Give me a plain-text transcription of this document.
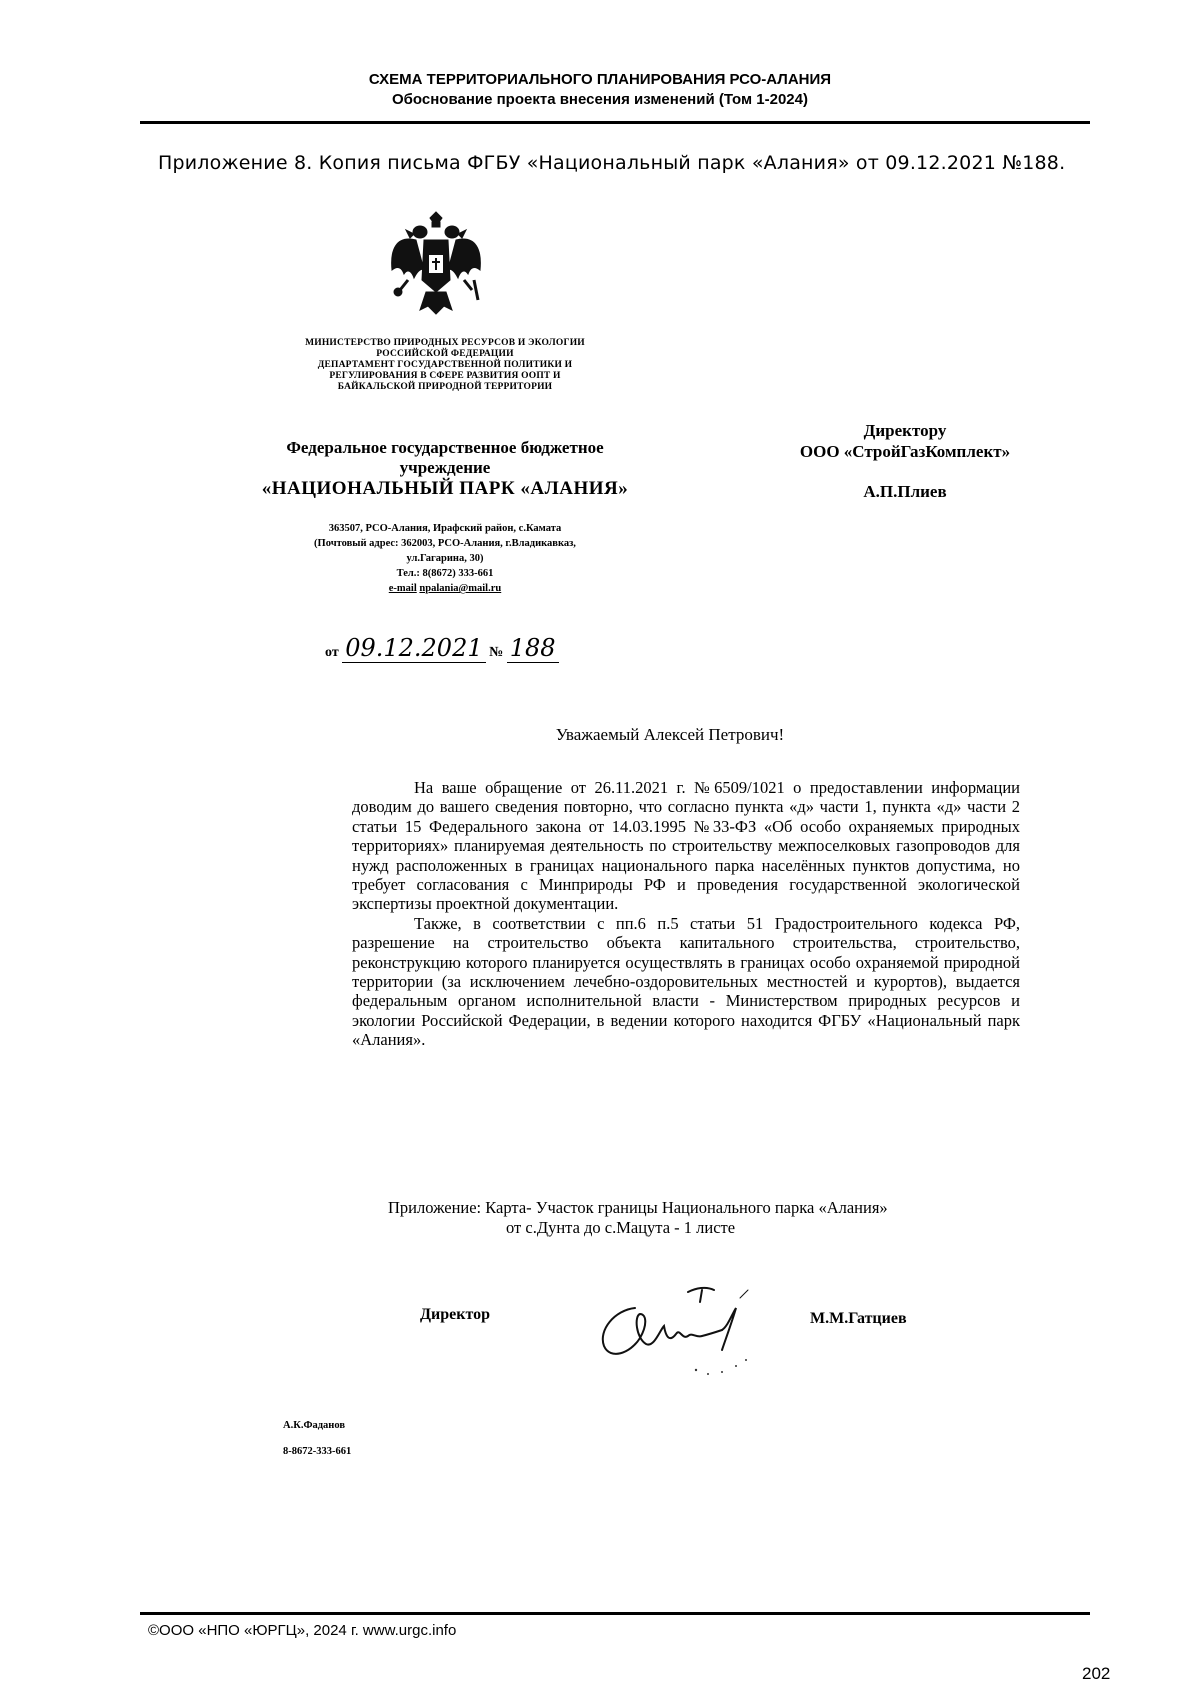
СХЕМА ТЕРРИТОРИАЛЬНОГО ПЛАНИРОВАНИЯ РСО-АЛАНИЯ
Обоснование проекта внесения изменений (Том 1-2024)
Приложение 8. Копия письма ФГБУ «Национальный парк «Алания» от 09.12.2021 №188.
МИНИСТЕРСТВО ПРИРОДНЫХ РЕСУРСОВ И ЭКОЛОГИИ
РОССИЙСКОЙ ФЕДЕРАЦИИ
ДЕПАРТАМЕНТ ГОСУДАРСТВЕННОЙ ПОЛИТИКИ И
РЕГУЛИРОВАНИЯ В СФЕРЕ РАЗВИТИЯ ООПТ И
БАЙКАЛЬСКОЙ ПРИРОДНОЙ ТЕРРИТОРИИ
Федеральное государственное бюджетное
учреждение
«НАЦИОНАЛЬНЫЙ ПАРК «АЛАНИЯ»
363507, РСО-Алания, Ирафский район, с.Камата
(Почтовый адрес: 362003, РСО-Алания, г.Владикавказ,
ул.Гагарина, 30)
Тел.: 8(8672) 333-661
e-mail npalania@mail.ru
Директору
ООО «СтройГазКомплект»
А.П.Плиев
от 09.12.2021 № 188
Уважаемый Алексей Петрович!

На ваше обращение от 26.11.2021 г. №6509/1021 о предоставлении информации доводим до вашего сведения повторно, что согласно пункта «д» части 1, пункта «д» части 2 статьи 15 Федерального закона от 14.03.1995 №33-ФЗ «Об особо охраняемых природных территориях» планируемая деятельность по строительству межпоселковых газопроводов для нужд расположенных в границах национального парка населённых пунктов допустима, но требует согласования с Минприроды РФ и проведения государственной экологической экспертизы проектной документации.

Также, в соответствии с пп.6 п.5 статьи 51 Градостроительного кодекса РФ, разрешение на строительство объекта капитального строительства, строительство, реконструкцию которого планируется осуществлять в границах особо охраняемой природной территории (за исключением лечебно-оздоровительных местностей и курортов), выдается федеральным органом исполнительной власти - Министерством природных ресурсов и экологии Российской Федерации, в ведении которого находится ФГБУ «Национальный парк «Алания».

Приложение: Карта- Участок границы Национального парка «Алания»
от с.Дунта до с.Мацута - 1 листе
Директор	М.М.Гатциев
А.К.Фаданов
8-8672-333-661
©ООО «НПО «ЮРГЦ», 2024 г. www.urgc.info
202
